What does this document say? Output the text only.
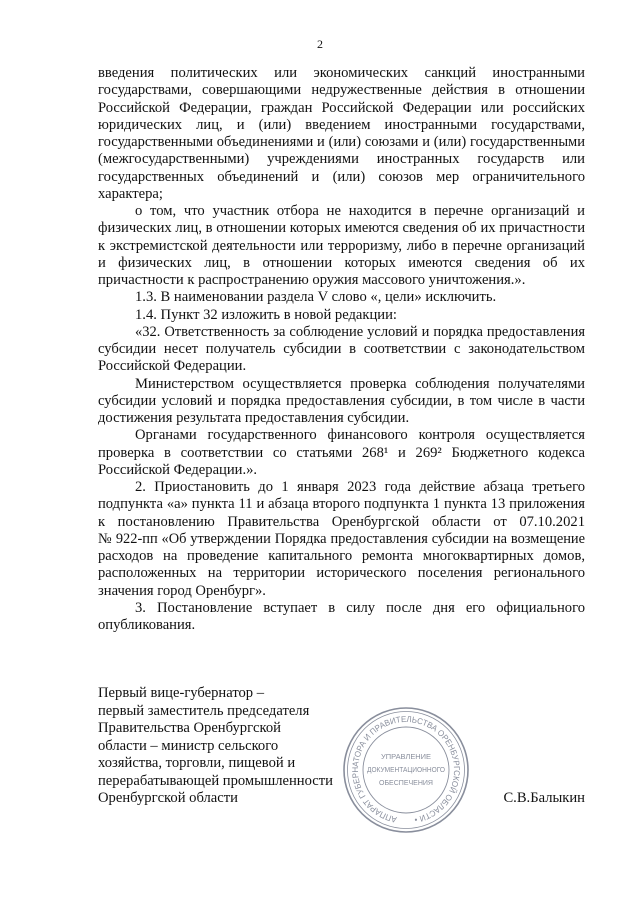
2
введения политических или экономических санкций иностранными
государствами, совершающими недружественные действия в отношении
Российской Федерации, граждан Российской Федерации или российских
юридических лиц, и (или) введением иностранными государствами,
государственными объединениями и (или) союзами и (или) государственными
(межгосударственными) учреждениями иностранных государств или
государственных объединений и (или) союзов мер ограничительного
характера;
о том, что участник отбора не находится в перечне организаций и
физических лиц, в отношении которых имеются сведения об их причастности
к экстремистской деятельности или терроризму, либо в перечне организаций
и физических лиц, в отношении которых имеются сведения об их
причастности к распространению оружия массового уничтожения.».
1.3. В наименовании раздела V слово «, цели» исключить.
1.4. Пункт 32 изложить в новой редакции:
«32. Ответственность за соблюдение условий и порядка предоставления
субсидии несет получатель субсидии в соответствии с законодательством
Российской Федерации.
Министерством осуществляется проверка соблюдения получателями
субсидии условий и порядка предоставления субсидии, в том числе в части
достижения результата предоставления субсидии.
Органами государственного финансового контроля осуществляется
проверка в соответствии со статьями 268¹ и 269² Бюджетного кодекса
Российской Федерации.».
2. Приостановить до 1 января 2023 года действие абзаца третьего
подпункта «а» пункта 11 и абзаца второго подпункта 1 пункта 13 приложения
к постановлению Правительства Оренбургской области от 07.10.2021
№ 922-пп «Об утверждении Порядка предоставления субсидии на возмещение
расходов на проведение капитального ремонта многоквартирных домов,
расположенных на территории исторического поселения регионального
значения город Оренбург».
3. Постановление вступает в силу после дня его официального
опубликования.
Первый вице-губернатор –
первый заместитель председателя
Правительства Оренбургской
области – министр сельского
хозяйства, торговли, пищевой и
перерабатывающей промышленности
Оренбургской области	С.В.Балыкин
АППАРАТ ГУБЕРНАТОРА И ПРАВИТЕЛЬСТВА ОРЕНБУРГСКОЙ ОБЛАСТИ •
УПРАВЛЕНИЕ
ДОКУМЕНТАЦИОННОГО
ОБЕСПЕЧЕНИЯ
